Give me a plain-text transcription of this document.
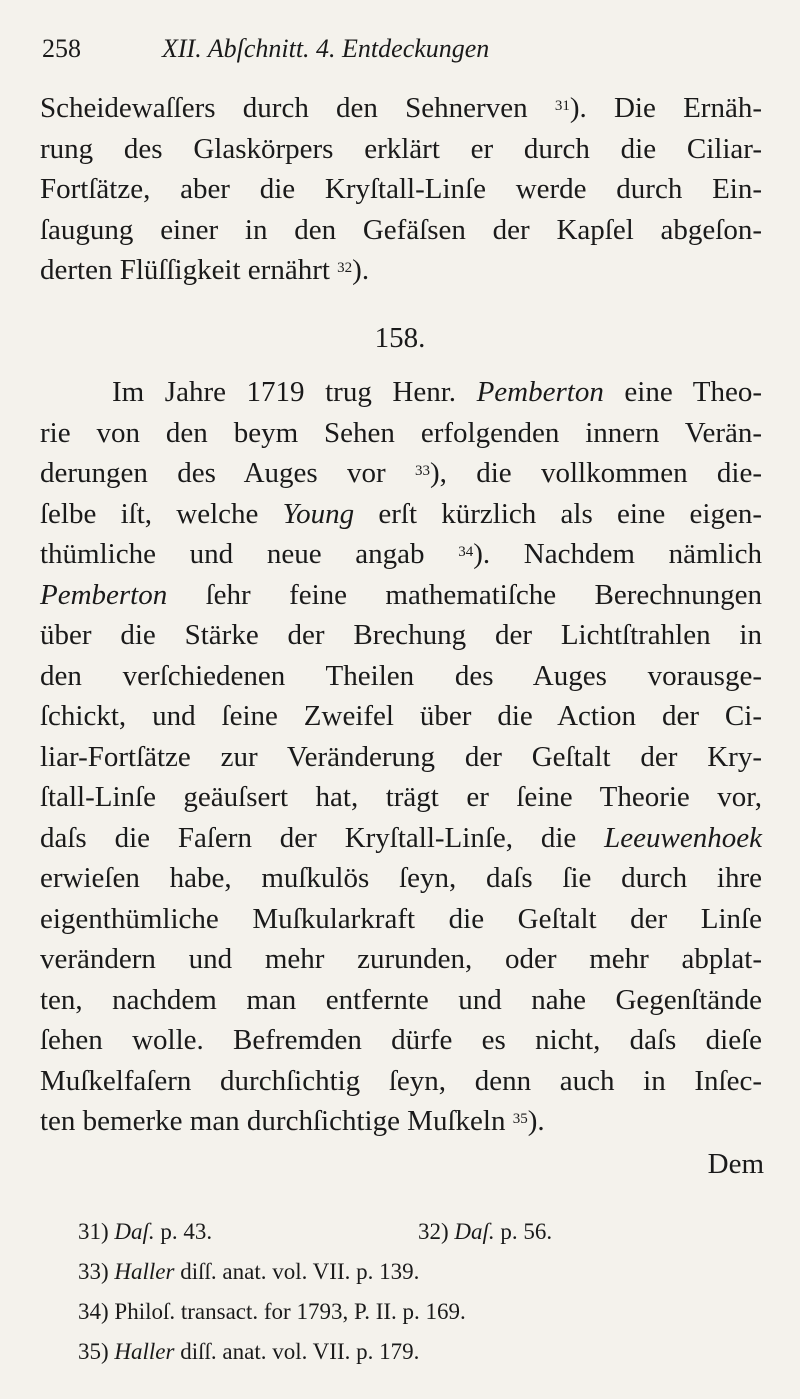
258	XII. Abſchnitt. 4. Entdeckungen
Scheidewaſſers durch den Sehnerven $^{31}$). Die Ernäh-
rung des Glaskörpers erklärt er durch die Ciliar-
Fortſätze, aber die Kryſtall-Linſe werde durch Ein-
ſaugung einer in den Gefäſsen der Kapſel abgeſon-
derten Flüſſigkeit ernährt $^{32}$).
158.
Im Jahre 1719 trug Henr. Pemberton eine Theo-
rie von den beym Sehen erfolgenden innern Verän-
derungen des Auges vor $^{33}$), die vollkommen die-
ſelbe iſt, welche Young erſt kürzlich als eine eigen-
thümliche und neue angab $^{34}$). Nachdem nämlich
Pemberton ſehr feine mathematiſche Berechnungen
über die Stärke der Brechung der Lichtſtrahlen in
den verſchiedenen Theilen des Auges vorausge-
ſchickt, und ſeine Zweifel über die Action der Ci-
liar-Fortſätze zur Veränderung der Geſtalt der Kry-
ſtall-Linſe geäuſsert hat, trägt er ſeine Theorie vor,
daſs die Faſern der Kryſtall-Linſe, die Leeuwenhoek
erwieſen habe, muſkulös ſeyn, daſs ſie durch ihre
eigenthümliche Muſkularkraft die Geſtalt der Linſe
verändern und mehr zurunden, oder mehr abplat-
ten, nachdem man entfernte und nahe Gegenſtände
ſehen wolle. Befremden dürfe es nicht, daſs dieſe
Muſkelfaſern durchſichtig ſeyn, denn auch in Inſec-
ten bemerke man durchſichtige Muſkeln $^{35}$).
Dem
31) Daſ. p. 43.	32) Daſ. p. 56.
33) Haller diſſ. anat. vol. VII. p. 139.
34) Philoſ. transact. for 1793, P. II. p. 169.
35) Haller diſſ. anat. vol. VII. p. 179.
